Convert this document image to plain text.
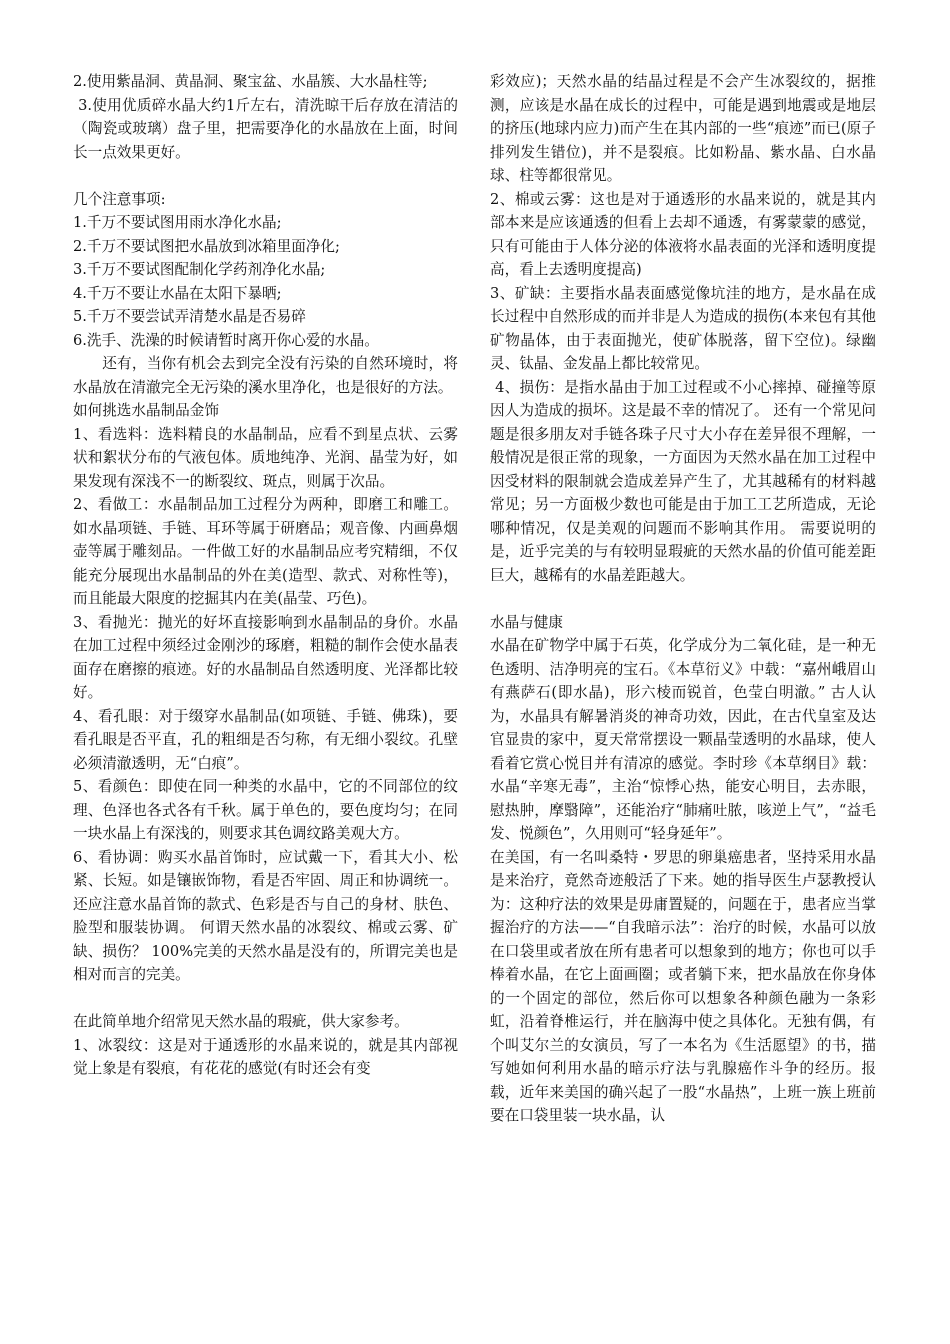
2.使用紫晶洞、黄晶洞、聚宝盆、水晶簇、大水晶柱等;

3.使用优质碎水晶大约1斤左右，清洗晾干后存放在清洁的（陶瓷或玻璃）盘子里，把需要净化的水晶放在上面，时间长一点效果更好。

几个注意事项:

1.千万不要试图用雨水净化水晶;

2.千万不要试图把水晶放到冰箱里面净化;

3.千万不要试图配制化学药剂净化水晶;

4.千万不要让水晶在太阳下暴晒;

5.千万不要尝试弄清楚水晶是否易碎

6.洗手、洗澡的时候请暂时离开你心爱的水晶。

还有，当你有机会去到完全没有污染的自然环境时，将水晶放在清澈完全无污染的溪水里净化，也是很好的方法。

如何挑选水晶制品金饰

1、看选料：选料精良的水晶制品，应看不到星点状、云雾状和絮状分布的气液包体。质地纯净、光润、晶莹为好，如果发现有深浅不一的断裂纹、斑点，则属于次品。

2、看做工：水晶制品加工过程分为两种，即磨工和雕工。如水晶项链、手链、耳环等属于研磨品；观音像、内画鼻烟壶等属于雕刻品。一件做工好的水晶制品应考究精细，不仅能充分展现出水晶制品的外在美(造型、款式、对称性等)，而且能最大限度的挖掘其内在美(晶莹、巧色)。

3、看抛光：抛光的好坏直接影响到水晶制品的身价。水晶在加工过程中须经过金刚沙的琢磨，粗糙的制作会使水晶表面存在磨擦的痕迹。好的水晶制品自然透明度、光泽都比较好。

4、看孔眼：对于缀穿水晶制品(如项链、手链、佛珠)，要看孔眼是否平直，孔的粗细是否匀称，有无细小裂纹。孔壁必须清澈透明，无“白痕”。

5、看颜色：即使在同一种类的水晶中，它的不同部位的纹理、色泽也各式各有千秋。属于单色的，要色度均匀；在同一块水晶上有深浅的，则要求其色调纹路美观大方。

6、看协调：购买水晶首饰时，应试戴一下，看其大小、松紧、长短。如是镶嵌饰物，看是否牢固、周正和协调统一。还应注意水晶首饰的款式、色彩是否与自己的身材、肤色、脸型和服装协调。 何谓天然水晶的冰裂纹、棉或云雾、矿缺、损伤？ 100%完美的天然水晶是没有的，所谓完美也是相对而言的完美。

在此简单地介绍常见天然水晶的瑕疵，供大家参考。

1、冰裂纹：这是对于通透形的水晶来说的，就是其内部视觉上象是有裂痕，有花花的感觉(有时还会有变

彩效应)；天然水晶的结晶过程是不会产生冰裂纹的，据推测，应该是水晶在成长的过程中，可能是遇到地震或是地层的挤压(地球内应力)而产生在其内部的一些“痕迹”而已(原子排列发生错位)，并不是裂痕。比如粉晶、紫水晶、白水晶球、柱等都很常见。

2、棉或云雾：这也是对于通透形的水晶来说的，就是其内部本来是应该通透的但看上去却不通透，有雾蒙蒙的感觉，只有可能由于人体分泌的体液将水晶表面的光泽和透明度提高，看上去透明度提高)

3、矿缺：主要指水晶表面感觉像坑洼的地方，是水晶在成长过程中自然形成的而并非是人为造成的损伤(本来包有其他矿物晶体，由于表面抛光，使矿体脱落，留下空位)。绿幽灵、钛晶、金发晶上都比较常见。

4、损伤：是指水晶由于加工过程或不小心摔掉、碰撞等原因人为造成的损坏。这是最不幸的情况了。 还有一个常见问题是很多朋友对手链各珠子尺寸大小存在差异很不理解，一般情况是很正常的现象，一方面因为天然水晶在加工过程中因受材料的限制就会造成差异产生了，尤其越稀有的材料越常见；另一方面极少数也可能是由于加工工艺所造成，无论哪种情况，仅是美观的问题而不影响其作用。 需要说明的是，近乎完美的与有较明显瑕疵的天然水晶的价值可能差距巨大，越稀有的水晶差距越大。

水晶与健康

水晶在矿物学中属于石英，化学成分为二氧化硅，是一种无色透明、洁净明亮的宝石。《本草衍义》中载：“嘉州峨眉山有燕萨石(即水晶)，形六棱而锐首，色莹白明澈。” 古人认为，水晶具有解暑消炎的神奇功效，因此，在古代皇室及达官显贵的家中，夏天常常摆设一颗晶莹透明的水晶球，使人看着它赏心悦目并有清凉的感觉。李时珍《本草纲目》载：水晶“辛寒无毒”，主治“惊悸心热，能安心明目，去赤眼，慰热肿，摩翳障”，还能治疗“肺痛吐脓，咳逆上气”，“益毛发、悦颜色”，久用则可“轻身延年”。

在美国，有一名叫桑特・罗思的卵巢癌患者，坚持采用水晶是来治疗，竟然奇迹般活了下来。她的指导医生卢瑟教授认为：这种疗法的效果是毋庸置疑的，问题在于，患者应当掌握治疗的方法——“自我暗示法”：治疗的时候，水晶可以放在口袋里或者放在所有患者可以想象到的地方；你也可以手棒着水晶，在它上面画圈；或者躺下来，把水晶放在你身体的一个固定的部位，然后你可以想象各种颜色融为一条彩虹，沿着脊椎运行，并在脑海中使之具体化。无独有偶，有个叫艾尔兰的女演员，写了一本名为《生活愿望》的书，描写她如何利用水晶的暗示疗法与乳腺癌作斗争的经历。报载，近年来美国的确兴起了一股“水晶热”，上班一族上班前要在口袋里装一块水晶，认
